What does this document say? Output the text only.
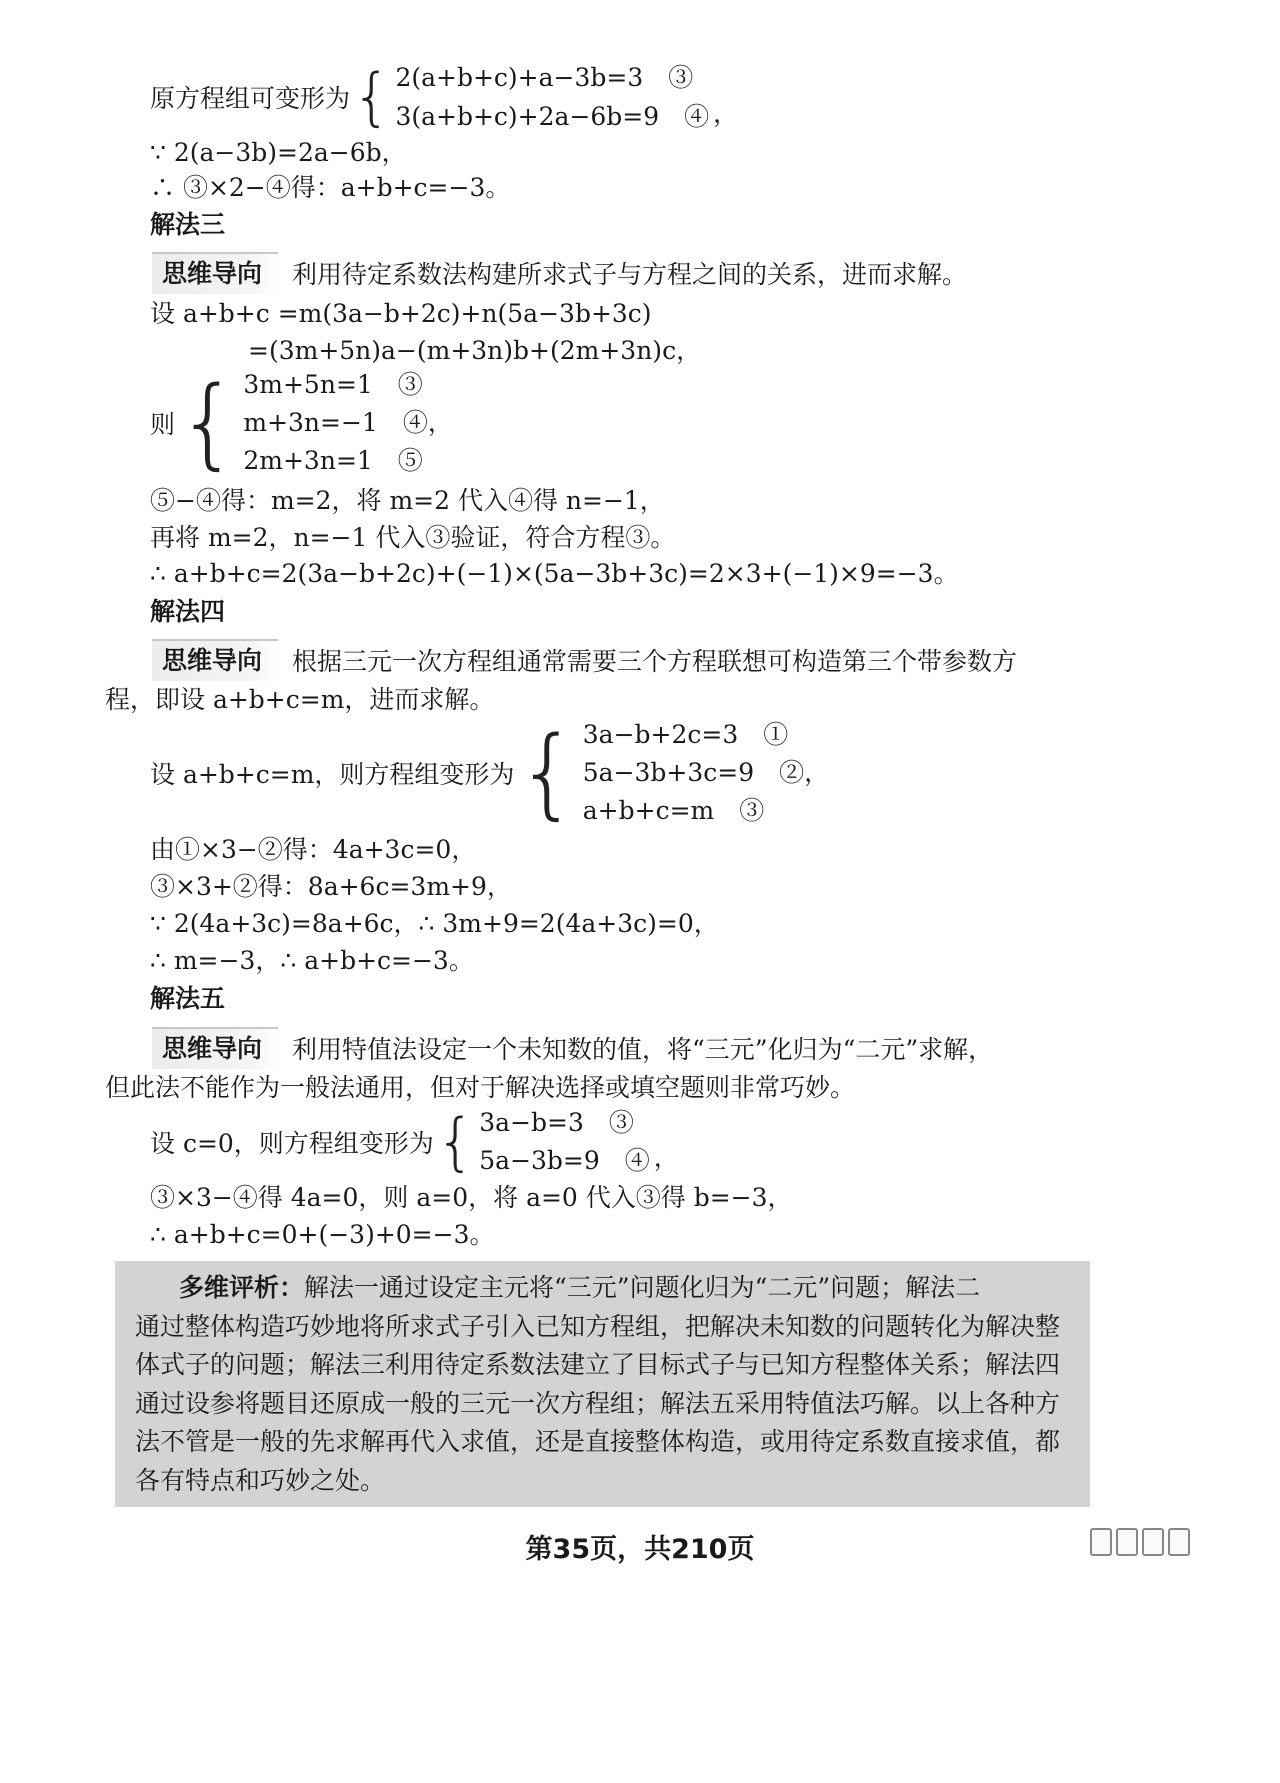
原方程组可变形为 { 2(a+b+c)+a−3b=3　③
3(a+b+c)+2a−6b=9　④ ，
∵ 2(a−3b)=2a−6b，
∴ ③×2−④得：a+b+c=−3。
解法三
思维导向	利用待定系数法构建所求式子与方程之间的关系，进而求解。
设 a+b+c =m(3a−b+2c)+n(5a−3b+3c)
=(3m+5n)a−(m+3n)b+(2m+3n)c，
则 { 3m+5n=1　③
m+3n=−1　④，
2m+3n=1　⑤
⑤−④得：m=2，将 m=2 代入④得 n=−1，
再将 m=2，n=−1 代入③验证，符合方程③。
∴ a+b+c=2(3a−b+2c)+(−1)×(5a−3b+3c)=2×3+(−1)×9=−3。
解法四
思维导向	根据三元一次方程组通常需要三个方程联想可构造第三个带参数方
程，即设 a+b+c=m，进而求解。
设 a+b+c=m，则方程组变形为 { 3a−b+2c=3　①
5a−3b+3c=9　②，
a+b+c=m　③
由①×3−②得：4a+3c=0，
③×3+②得：8a+6c=3m+9，
∵ 2(4a+3c)=8a+6c，∴ 3m+9=2(4a+3c)=0，
∴ m=−3，∴ a+b+c=−3。
解法五
思维导向	利用特值法设定一个未知数的值，将“三元”化归为“二元”求解，
但此法不能作为一般法通用，但对于解决选择或填空题则非常巧妙。
设 c=0，则方程组变形为 { 3a−b=3　③
5a−3b=9　④ ，
③×3−④得 4a=0，则 a=0，将 a=0 代入③得 b=−3，
∴ a+b+c=0+(−3)+0=−3。
多维评析：解法一通过设定主元将“三元”问题化归为“二元”问题；解法二
通过整体构造巧妙地将所求式子引入已知方程组，把解决未知数的问题转化为解决整
体式子的问题；解法三利用待定系数法建立了目标式子与已知方程整体关系；解法四
通过设参将题目还原成一般的三元一次方程组；解法五采用特值法巧解。以上各种方
法不管是一般的先求解再代入求值，还是直接整体构造，或用待定系数直接求值，都
各有特点和巧妙之处。
第35页，共210页
